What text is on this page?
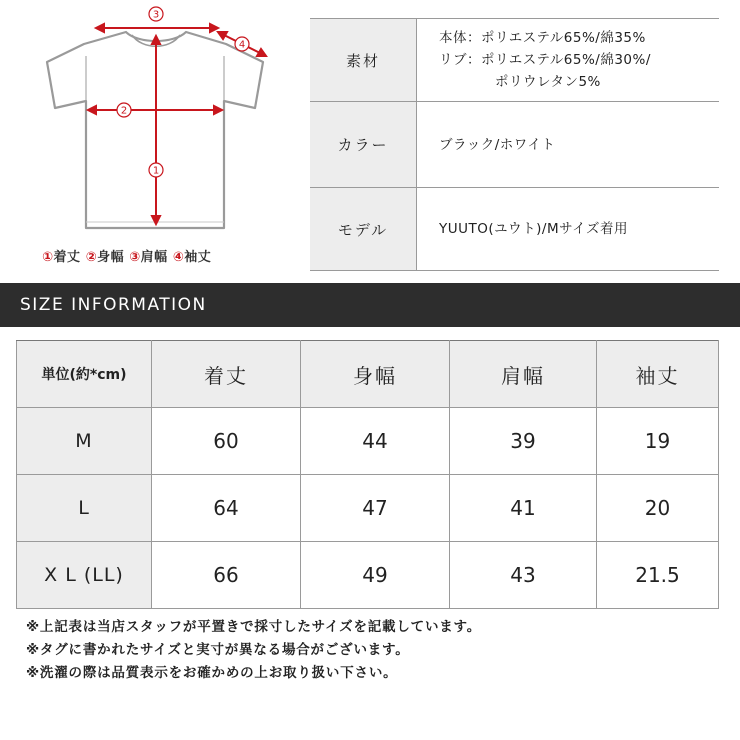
3
4
2
1
①着丈 ②身幅 ③肩幅 ④袖丈
素材	本体：ポリエステル65%/綿35%
リブ：ポリエステル65%/綿30%/
ポリウレタン5%

カラー	ブラック/ホワイト

モデル	YUUTO(ユウト)/Mサイズ着用
SIZE INFORMATION
単位(約*cm)	着丈	身幅	肩幅	袖丈
M	60	44	39	19
L	64	47	41	20
X L (LL)	66	49	43	21.5
※上記表は当店スタッフが平置きで採寸したサイズを記載しています。
※タグに書かれたサイズと実寸が異なる場合がございます。
※洗濯の際は品質表示をお確かめの上お取り扱い下さい。
